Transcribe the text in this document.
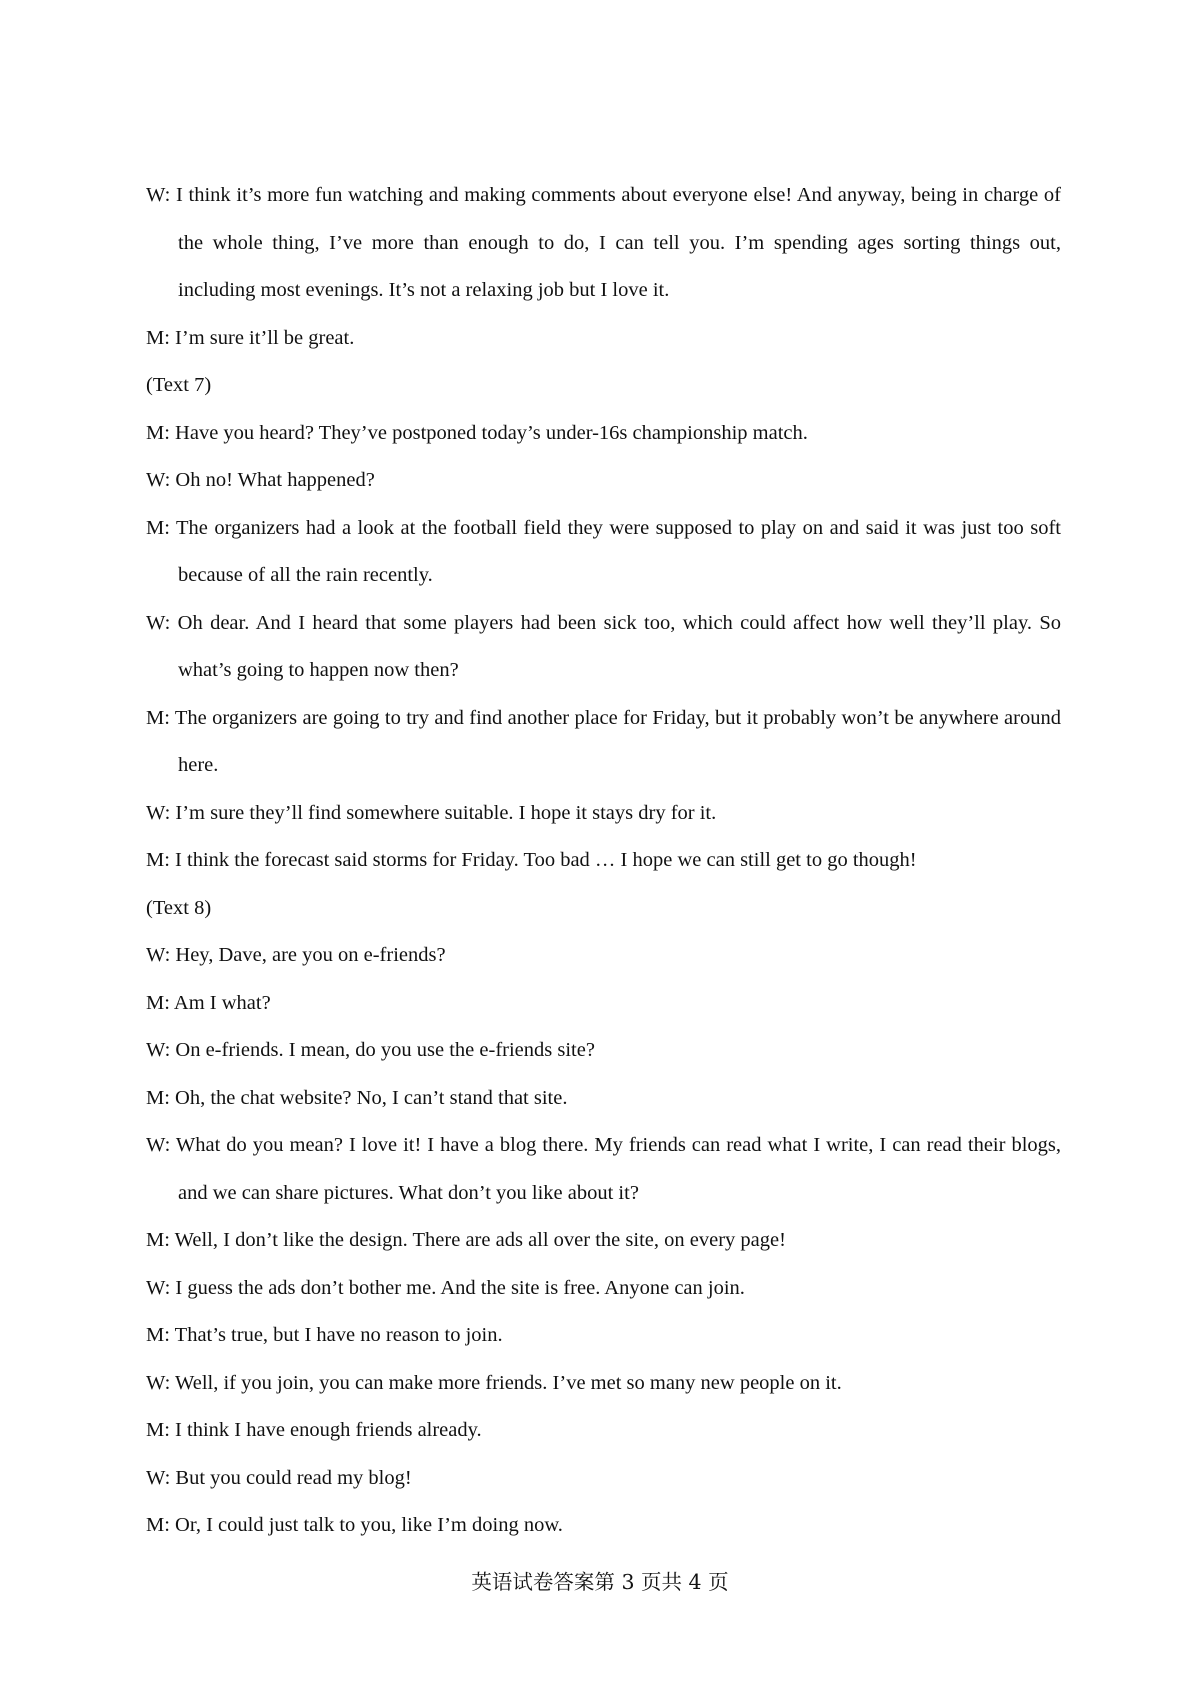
W: I think it’s more fun watching and making comments about everyone else! And anyway, being in charge of the whole thing, I’ve more than enough to do, I can tell you. I’m spending ages sorting things out, including most evenings. It’s not a relaxing job but I love it.

M: I’m sure it’ll be great.

(Text 7)

M: Have you heard? They’ve postponed today’s under-16s championship match.

W: Oh no! What happened?

M: The organizers had a look at the football field they were supposed to play on and said it was just too soft because of all the rain recently.

W: Oh dear. And I heard that some players had been sick too, which could affect how well they’ll play. So what’s going to happen now then?

M: The organizers are going to try and find another place for Friday, but it probably won’t be anywhere around here.

W: I’m sure they’ll find somewhere suitable. I hope it stays dry for it.

M: I think the forecast said storms for Friday. Too bad … I hope we can still get to go though!

(Text 8)

W: Hey, Dave, are you on e-friends?

M: Am I what?

W: On e-friends. I mean, do you use the e-friends site?

M: Oh, the chat website? No, I can’t stand that site.

W: What do you mean? I love it! I have a blog there. My friends can read what I write, I can read their blogs, and we can share pictures. What don’t you like about it?

M: Well, I don’t like the design. There are ads all over the site, on every page!

W: I guess the ads don’t bother me. And the site is free. Anyone can join.

M: That’s true, but I have no reason to join.

W: Well, if you join, you can make more friends. I’ve met so many new people on it.

M: I think I have enough friends already.

W: But you could read my blog!

M: Or, I could just talk to you, like I’m doing now.

英语试卷答案第 3 页共 4 页
